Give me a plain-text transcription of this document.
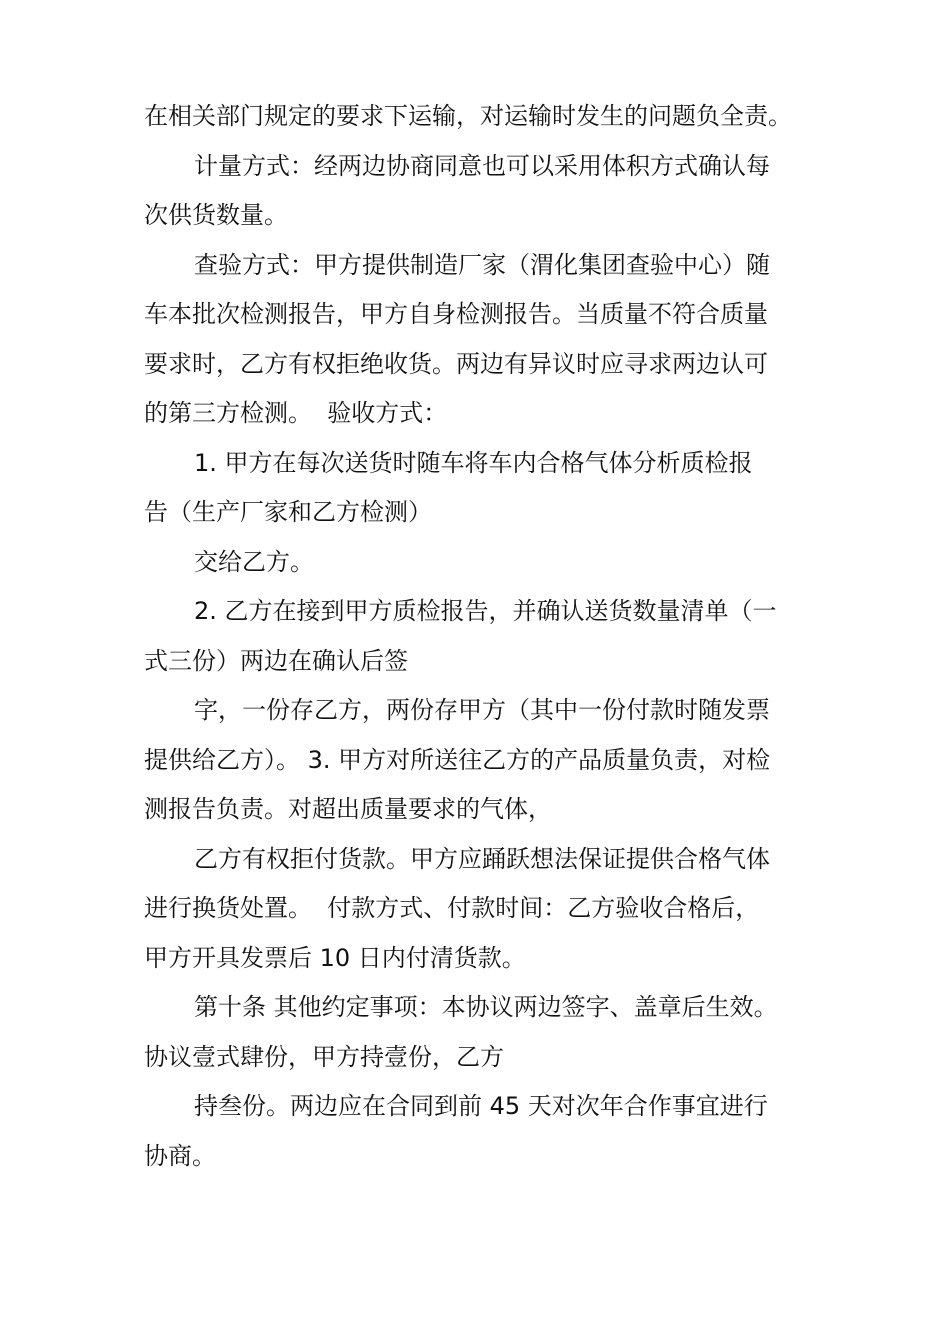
在相关部门规定的要求下运输，对运输时发生的问题负全责。
计量方式：经两边协商同意也可以采用体积方式确认每
次供货数量。
查验方式：甲方提供制造厂家（渭化集团查验中心）随
车本批次检测报告，甲方自身检测报告。当质量不符合质量
要求时，乙方有权拒绝收货。两边有异议时应寻求两边认可
的第三方检测。  验收方式：
1. 甲方在每次送货时随车将车内合格气体分析质检报
告（生产厂家和乙方检测）
交给乙方。
2. 乙方在接到甲方质检报告，并确认送货数量清单（一
式三份）两边在确认后签
字，一份存乙方，两份存甲方（其中一份付款时随发票
提供给乙方）。 3. 甲方对所送往乙方的产品质量负责，对检
测报告负责。对超出质量要求的气体，
乙方有权拒付货款。甲方应踊跃想法保证提供合格气体
进行换货处置。  付款方式、付款时间：乙方验收合格后，
甲方开具发票后 10 日内付清货款。
第十条 其他约定事项：本协议两边签字、盖章后生效。
协议壹式肆份，甲方持壹份，乙方
持叁份。两边应在合同到前 45 天对次年合作事宜进行
协商。
